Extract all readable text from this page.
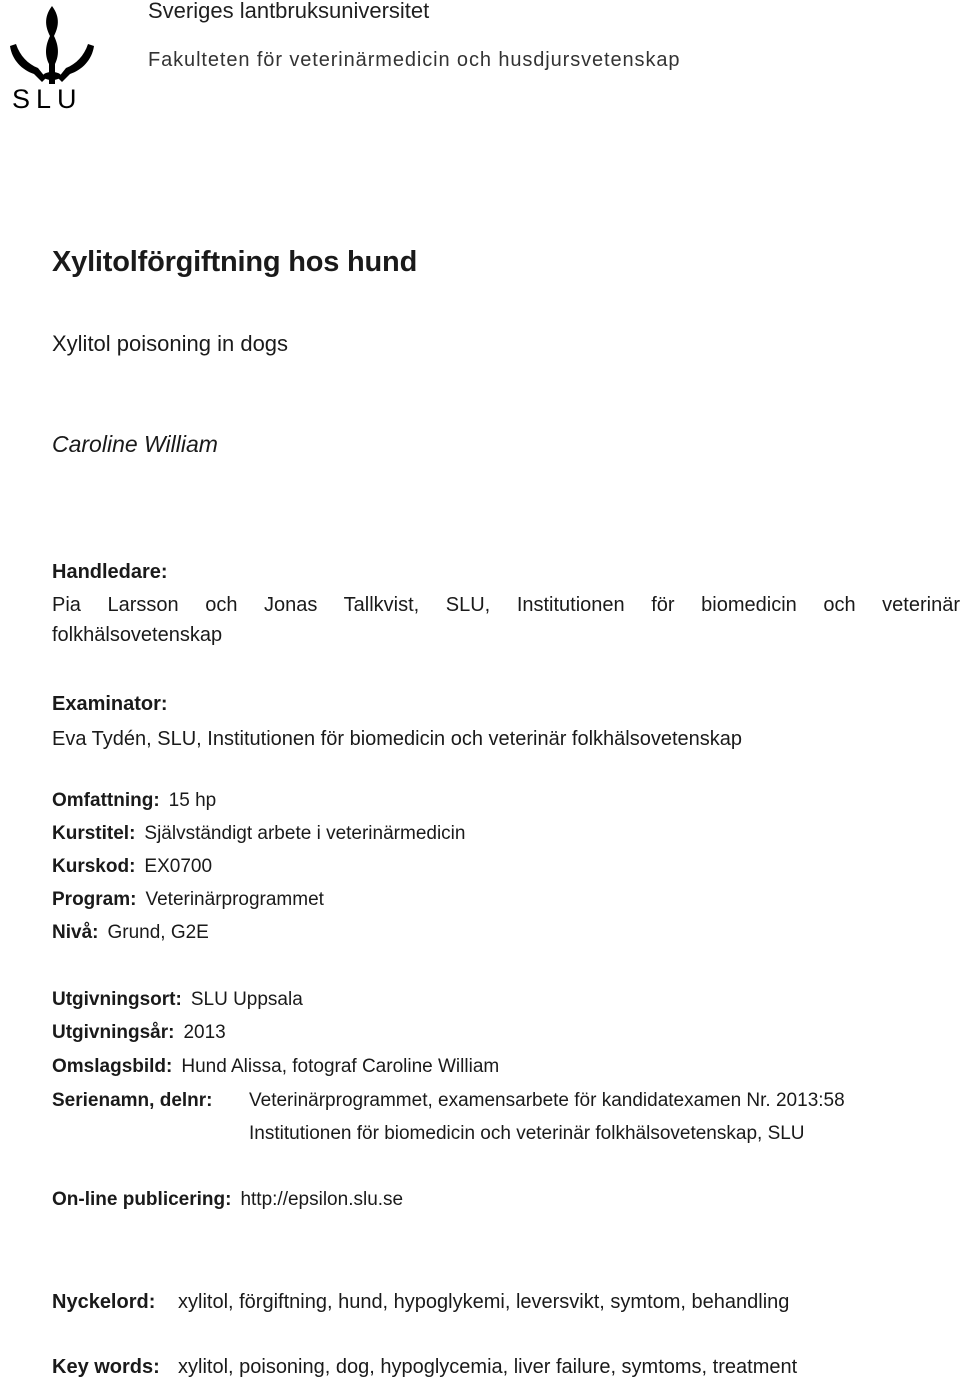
SLU
Sveriges lantbruksuniversitet
Fakulteten för veterinärmedicin och husdjursvetenskap
Xylitolförgiftning hos hund
Xylitol poisoning in dogs
Caroline William
Handledare:
Pia Larsson och Jonas Tallkvist, SLU, Institutionen för biomedicin och veterinär
folkhälsovetenskap
Examinator:
Eva Tydén, SLU, Institutionen för biomedicin och veterinär folkhälsovetenskap
Omfattning: 15 hp
Kurstitel: Självständigt arbete i veterinärmedicin
Kurskod: EX0700
Program: Veterinärprogrammet
Nivå: Grund, G2E
Utgivningsort: SLU Uppsala
Utgivningsår: 2013
Omslagsbild: Hund Alissa, fotograf Caroline William
Serienamn, delnr: Veterinärprogrammet, examensarbete för kandidatexamen Nr. 2013:58
Institutionen för biomedicin och veterinär folkhälsovetenskap, SLU
On-line publicering: http://epsilon.slu.se
Nyckelord: xylitol, förgiftning, hund, hypoglykemi, leversvikt, symtom, behandling
Key words: xylitol, poisoning, dog, hypoglycemia, liver failure, symtoms, treatment
